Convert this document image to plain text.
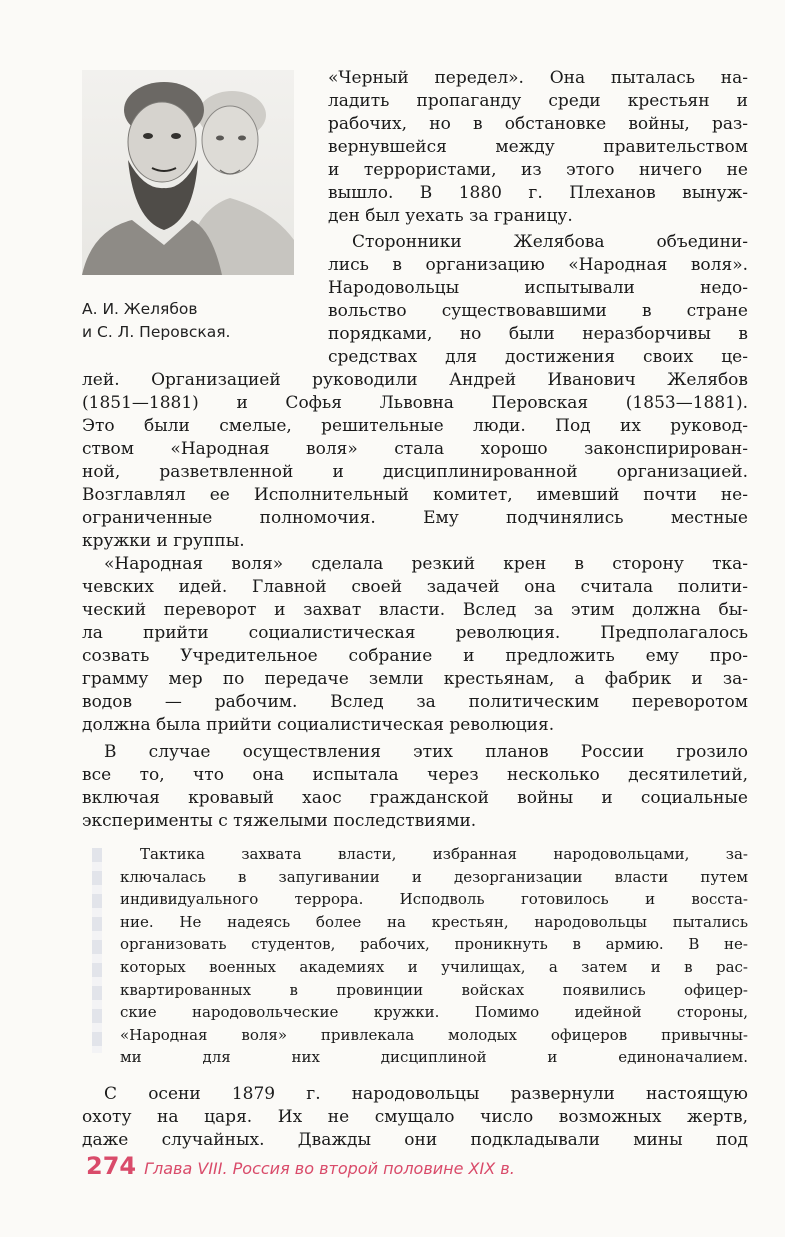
А. И. Желябов
и С. Л. Перовская.
«Черный передел». Она пыталась на-
ладить пропаганду среди крестьян и
рабочих, но в обстановке войны, раз-
вернувшейся между правительством
и террористами, из этого ничего не
вышло. В 1880 г. Плеханов вынуж-
ден был уехать за границу.
Сторонники Желябова объедини-
лись в организацию «Народная воля».
Народовольцы испытывали недо-
вольство существовавшими в стране
порядками, но были неразборчивы в
средствах для достижения своих це-
лей. Организацией руководили Андрей Иванович Желябов
(1851—1881) и Софья Львовна Перовская (1853—1881).
Это были смелые, решительные люди. Под их руковод-
ством «Народная воля» стала хорошо законспирирован-
ной, разветвленной и дисциплинированной организацией.
Возглавлял ее Исполнительный комитет, имевший почти не-
ограниченные полномочия. Ему подчинялись местные
кружки и группы.
«Народная воля» сделала резкий крен в сторону тка-
чевских идей. Главной своей задачей она считала полити-
ческий переворот и захват власти. Вслед за этим должна бы-
ла прийти социалистическая революция. Предполагалось
созвать Учредительное собрание и предложить ему про-
грамму мер по передаче земли крестьянам, а фабрик и за-
водов — рабочим. Вслед за политическим переворотом
должна была прийти социалистическая революция.
В случае осуществления этих планов России грозило
все то, что она испытала через несколько десятилетий,
включая кровавый хаос гражданской войны и социальные
эксперименты с тяжелыми последствиями.
Тактика захвата власти, избранная народовольцами, за-
ключалась в запугивании и дезорганизации власти путем
индивидуального террора. Исподволь готовилось и восста-
ние. Не надеясь более на крестьян, народовольцы пытались
организовать студентов, рабочих, проникнуть в армию. В не-
которых военных академиях и училищах, а затем и в рас-
квартированных в провинции войсках появились офицер-
ские народовольческие кружки. Помимо идейной стороны,
«Народная воля» привлекала молодых офицеров привычны-
ми для них дисциплиной и единоначалием.
С осени 1879 г. народовольцы развернули настоящую
охоту на царя. Их не смущало число возможных жертв,
даже случайных. Дважды они подкладывали мины под
274 Глава VIII. Россия во второй половине XIX в.
